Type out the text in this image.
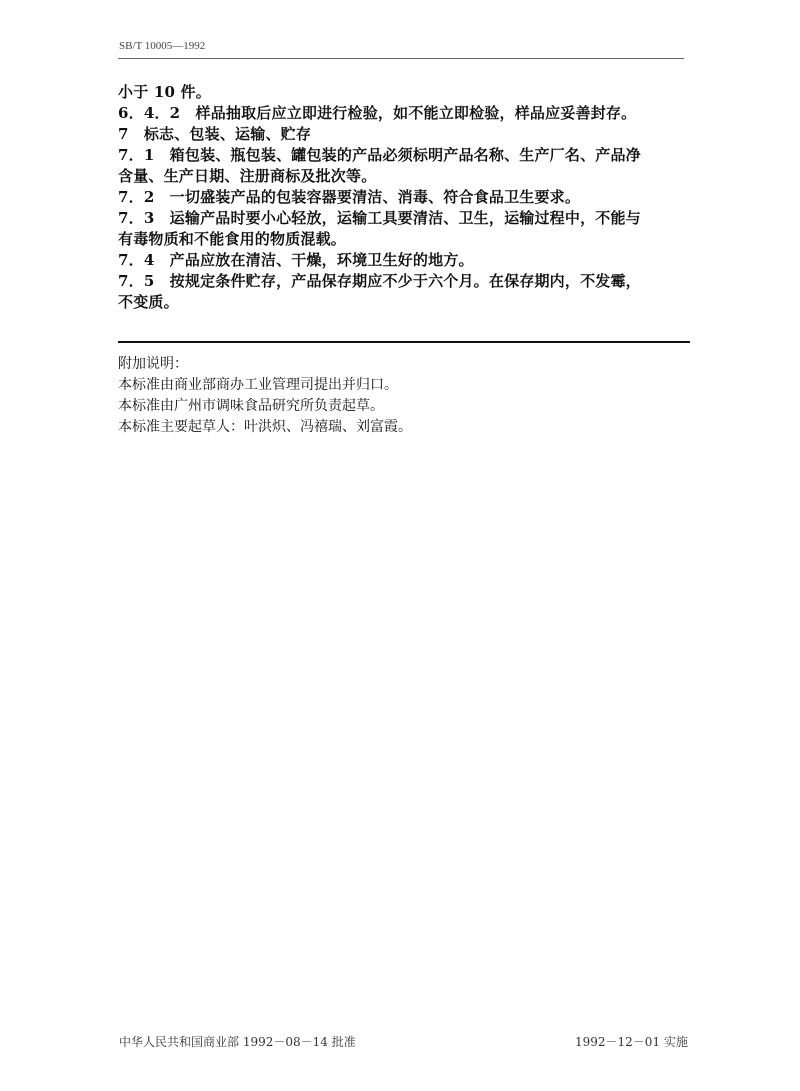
SB/T 10005—1992
小于 10 件。
6．4．2　样品抽取后应立即进行检验，如不能立即检验，样品应妥善封存。
7　标志、包装、运输、贮存
7．1　箱包装、瓶包装、罐包装的产品必须标明产品名称、生产厂名、产品净
含量、生产日期、注册商标及批次等。
7．2　一切盛装产品的包装容器要清洁、消毒、符合食品卫生要求。
7．3　运输产品时要小心轻放，运输工具要清洁、卫生，运输过程中，不能与
有毒物质和不能食用的物质混载。
7．4　产品应放在清洁、干燥，环境卫生好的地方。
7．5　按规定条件贮存，产品保存期应不少于六个月。在保存期内，不发霉，
不变质。
附加说明：
本标准由商业部商办工业管理司提出并归口。
本标准由广州市调味食品研究所负责起草。
本标准主要起草人：叶洪炽、冯禧瑞、刘富霞。
中华人民共和国商业部 1992－08－14 批准	1992－12－01 实施
